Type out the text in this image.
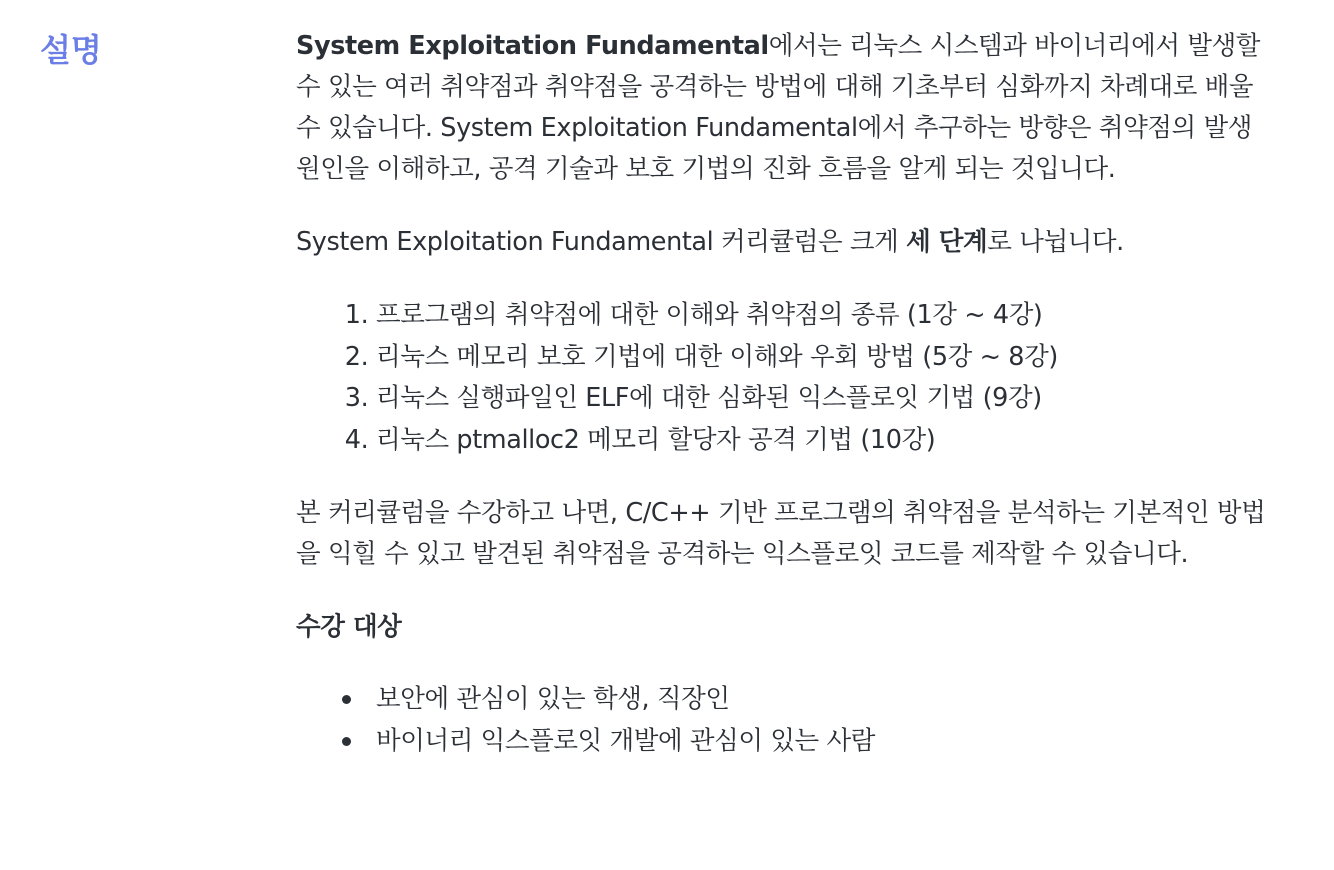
설명	System Exploitation Fundamental에서는 리눅스 시스템과 바이너리에서 발생할 수 있는 여러 취약점과 취약점을 공격하는 방법에 대해 기초부터 심화까지 차례대로 배울 수 있습니다. System Exploitation Fundamental에서 추구하는 방향은 취약점의 발생 원인을 이해하고, 공격 기술과 보호 기법의 진화 흐름을 알게 되는 것입니다.

System Exploitation Fundamental 커리큘럼은 크게 세 단계로 나뉩니다.

1. 프로그램의 취약점에 대한 이해와 취약점의 종류 (1강 ~ 4강)
2. 리눅스 메모리 보호 기법에 대한 이해와 우회 방법 (5강 ~ 8강)
3. 리눅스 실행파일인 ELF에 대한 심화된 익스플로잇 기법 (9강)
4. 리눅스 ptmalloc2 메모리 할당자 공격 기법 (10강)

본 커리큘럼을 수강하고 나면, C/C++ 기반 프로그램의 취약점을 분석하는 기본적인 방법을 익힐 수 있고 발견된 취약점을 공격하는 익스플로잇 코드를 제작할 수 있습니다.

수강 대상
보안에 관심이 있는 학생, 직장인
바이너리 익스플로잇 개발에 관심이 있는 사람
